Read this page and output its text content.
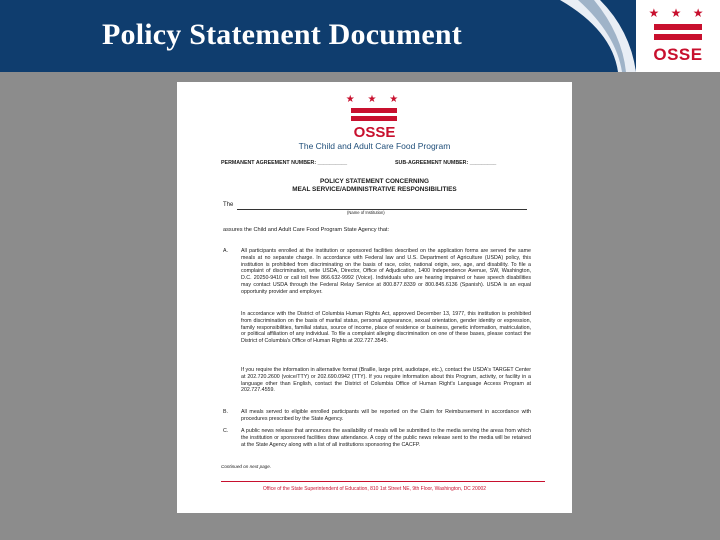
Policy Statement Document
★ ★ ★
OSSE
★ ★ ★
OSSE
The Child and Adult Care Food Program
PERMANENT AGREEMENT NUMBER: __________	SUB-AGREEMENT NUMBER: _________
POLICY STATEMENT CONCERNING
MEAL SERVICE/ADMINISTRATIVE RESPONSIBILITIES
The
(Name of Institution)
assures the Child and Adult Care Food Program State Agency that:
A. All participants enrolled at the institution or sponsored facilities described on the application forms are served the same meals at no separate charge. In accordance with Federal law and U.S. Department of Agriculture (USDA) policy, this institution is prohibited from discriminating on the basis of race, color, national origin, sex, age, and disability. To file a complaint of discrimination, write USDA, Director, Office of Adjudication, 1400 Independence Avenue, SW, Washington, D.C. 20250-9410 or call toll free 866.632-9992 (Voice). Individuals who are hearing impaired or have speech disabilities may contact USDA through the Federal Relay Service at 800.877.8339 or 800.845.6136 (Spanish). USDA is an equal opportunity provider and employer.
In accordance with the District of Columbia Human Rights Act, approved December 13, 1977, this institution is prohibited from discrimination on the basis of marital status, personal appearance, sexual orientation, gender identity or expression, family responsibilities, familial status, source of income, place of residence or business, genetic information, matriculation, or political affiliation of any individual. To file a complaint alleging discrimination on one of these bases, please contact the District of Columbia's Office of Human Rights at 202.727.3545.
If you require the information in alternative format (Braille, large print, audiotape, etc.), contact the USDA's TARGET Center at 202.720.2600 (voice/TTY) or 202.690.0942 (TTY). If you require information about this Program, activity, or facility in a language other than English, contact the District of Columbia Office of Human Right's Language Access Program at 202.727.4559.
B. All meals served to eligible enrolled participants will be reported on the Claim for Reimbursement in accordance with procedures prescribed by the State Agency.
C. A public news release that announces the availability of meals will be submitted to the media serving the areas from which the institution or sponsored facilities draw attendance. A copy of the public news release sent to the media will be retained at the State Agency along with a list of all institutions sponsoring the CACFP.
Continued on next page.
Office of the State Superintendent of Education, 810 1st Street NE, 9th Floor, Washington, DC 20002
